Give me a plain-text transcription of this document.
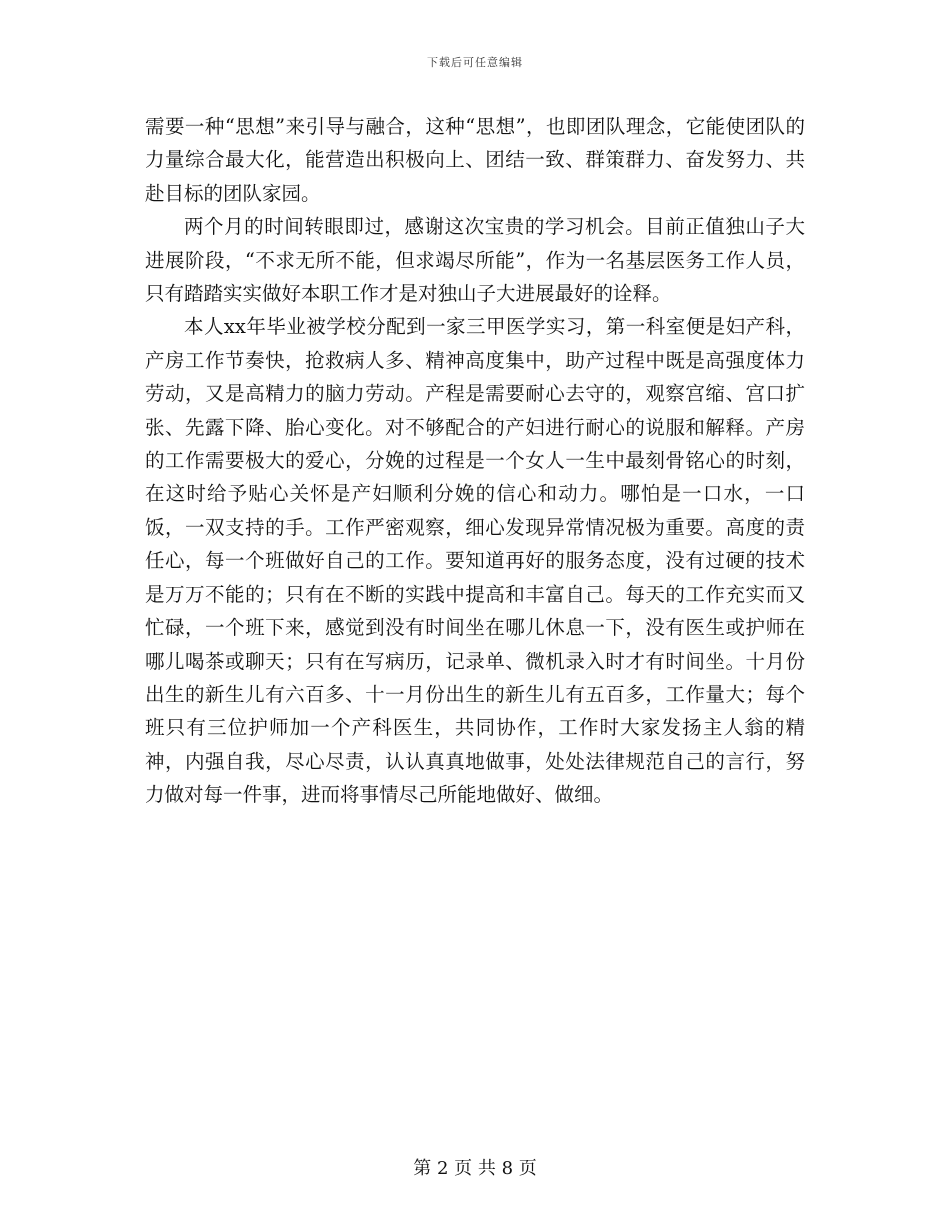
下载后可任意编辑

需要一种“思想”来引导与融合，这种“思想”，也即团队理念，它能使团队的力量综合最大化，能营造出积极向上、团结一致、群策群力、奋发努力、共赴目标的团队家园。

两个月的时间转眼即过，感谢这次宝贵的学习机会。目前正值独山子大进展阶段，“不求无所不能，但求竭尽所能”，作为一名基层医务工作人员，只有踏踏实实做好本职工作才是对独山子大进展最好的诠释。

本人xx年毕业被学校分配到一家三甲医学实习，第一科室便是妇产科，产房工作节奏快，抢救病人多、精神高度集中，助产过程中既是高强度体力劳动，又是高精力的脑力劳动。产程是需要耐心去守的，观察宫缩、宫口扩张、先露下降、胎心变化。对不够配合的产妇进行耐心的说服和解释。产房的工作需要极大的爱心，分娩的过程是一个女人一生中最刻骨铭心的时刻，在这时给予贴心关怀是产妇顺利分娩的信心和动力。哪怕是一口水，一口饭，一双支持的手。工作严密观察，细心发现异常情况极为重要。高度的责任心，每一个班做好自己的工作。要知道再好的服务态度，没有过硬的技术是万万不能的；只有在不断的实践中提高和丰富自己。每天的工作充实而又忙碌，一个班下来，感觉到没有时间坐在哪儿休息一下，没有医生或护师在哪儿喝茶或聊天；只有在写病历，记录单、微机录入时才有时间坐。十月份出生的新生儿有六百多、十一月份出生的新生儿有五百多，工作量大；每个班只有三位护师加一个产科医生，共同协作，工作时大家发扬主人翁的精神，内强自我，尽心尽责，认认真真地做事，处处法律规范自己的言行，努力做对每一件事，进而将事情尽己所能地做好、做细。

第 2 页 共 8 页
